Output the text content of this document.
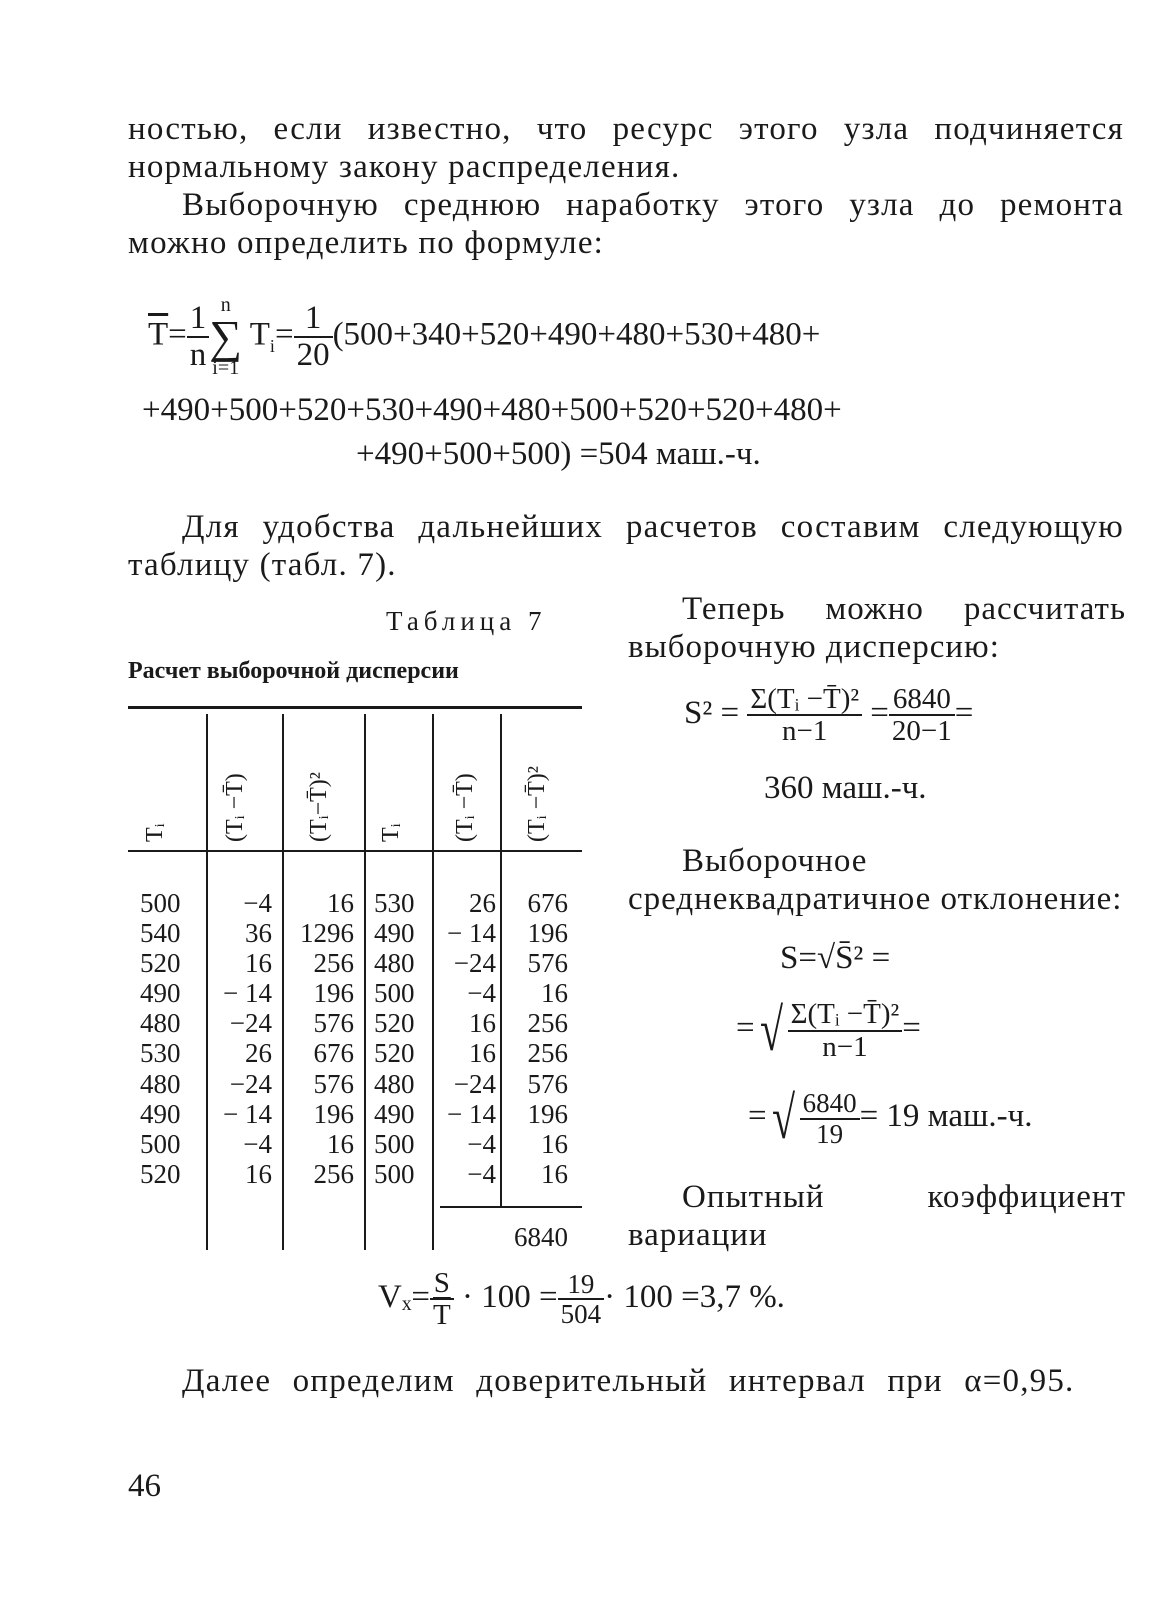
ностью, если известно, что ресурс этого узла подчиняется нормальному закону распределения.
Выборочную среднюю наработку этого узла до ремонта можно определить по формуле:
$\overline{T}= \frac{1}{n}$ n
∑
i=1
$T_i= \frac{1}{20} (500+340+520+490+480+530+480+$
+490+500+520+530+490+480+500+520+520+480+
+490+500+500) =504 маш.-ч.
Для удобства дальнейших расчетов составим следующую таблицу (табл. 7).
Таблица 7
Расчет выборочной дисперсии
Tᵢ (Tᵢ −T̄) (Tᵢ−T̄)² Tᵢ (Tᵢ −T̄) (Tᵢ −T̄)²
500
540
520
490
480
530
480
490
500
520
−4
36
16
− 14
−24
26
−24
− 14
−4
16
16
1296
256
196
576
676
576
196
16
256
530
490
480
500
520
520
480
490
500
500
26
− 14
−24
−4
16
16
−24
− 14
−4
−4
676
196
576
16
256
256
576
196
16
16
6840
Теперь можно рассчитать выборочную дисперсию:
$S^2 = \frac{\text{Σ(Tᵢ −T̄)²}}{n-1} = \frac{6840}{20-1}$ =
360 маш.-ч.
Выборочное среднеквадратичное отклонение:
S=√S̄² =
=√ $\frac{\text{Σ(Tᵢ −T̄)²}}{n-1}$ =
=√ $\frac{6840}{19} = 19$ маш.-ч.
Опытный коэффициент вариации
$V_x= \frac{S}{T} \cdot 100 = \frac{19}{504} \cdot 100 =3,7$ %.
Далее определим доверительный интервал при α=0,95.
46
